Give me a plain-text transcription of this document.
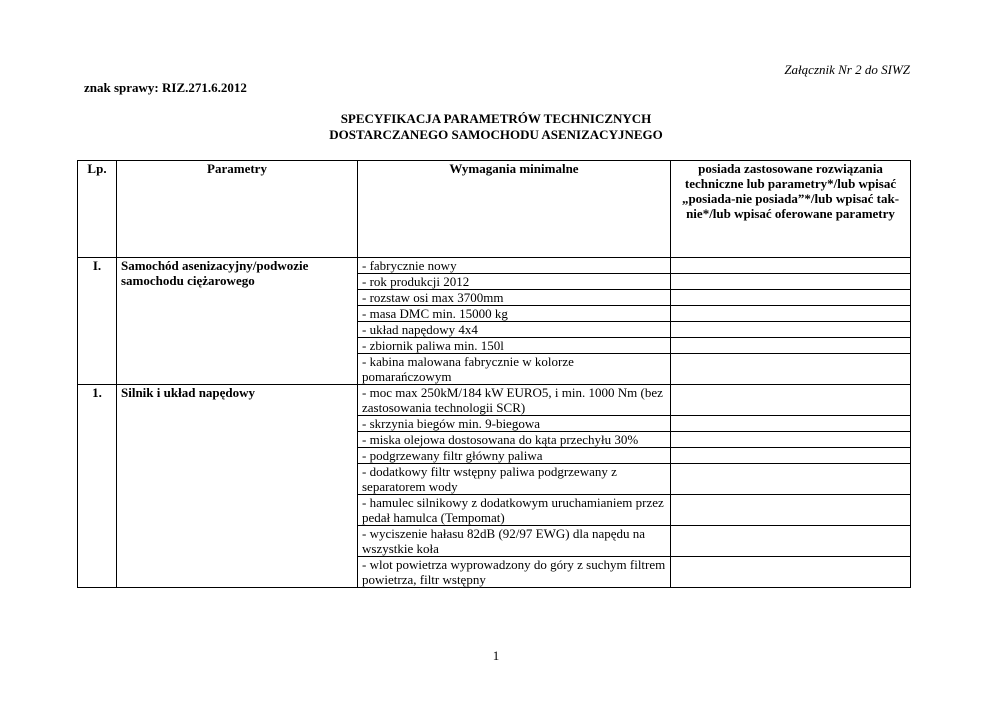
Załącznik Nr 2 do SIWZ
znak sprawy: RIZ.271.6.2012
SPECYFIKACJA PARAMETRÓW TECHNICZNYCH
DOSTARCZANEGO SAMOCHODU ASENIZACYJNEGO
Lp.	Parametry	Wymagania minimalne	posiada zastosowane rozwiązania techniczne lub parametry*/lub wpisać „posiada-nie posiada”*/lub wpisać tak-nie*/lub wpisać oferowane parametry
I.	Samochód asenizacyjny/podwozie samochodu ciężarowego	- fabrycznie nowy	
		- rok produkcji 2012	
		- rozstaw osi max 3700mm	
		- masa DMC min. 15000 kg	
		- układ napędowy 4x4	
		- zbiornik paliwa min. 150l	
		- kabina malowana fabrycznie w kolorze pomarańczowym	
1.	Silnik i układ napędowy	- moc max 250kM/184 kW EURO5, i min. 1000 Nm (bez zastosowania technologii SCR)	
		- skrzynia biegów min. 9-biegowa	
		- miska olejowa dostosowana do kąta przechyłu 30%	
		- podgrzewany filtr główny paliwa	
		- dodatkowy filtr wstępny paliwa podgrzewany z separatorem wody	
		- hamulec silnikowy z dodatkowym uruchamianiem przez pedał hamulca (Tempomat)	
		- wyciszenie hałasu 82dB (92/97 EWG) dla napędu na wszystkie koła	
		- wlot powietrza wyprowadzony do góry z suchym filtrem powietrza, filtr wstępny	
1
